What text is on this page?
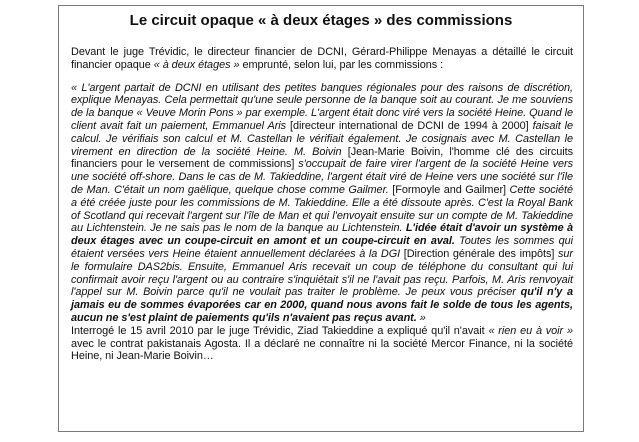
Le circuit opaque « à deux étages » des commissions

Devant le juge Trévidic, le directeur financier de DCNI, Gérard-Philippe Menayas a détaillé le circuit financier opaque « à deux étages » emprunté, selon lui, par les commissions :

« L'argent partait de DCNI en utilisant des petites banques régionales pour des raisons de discrétion, explique Menayas. Cela permettait qu'une seule personne de la banque soit au courant. Je me souviens de la banque « Veuve Morin Pons » par exemple. L'argent était donc viré vers la société Heine. Quand le client avait fait un paiement, Emmanuel Aris [directeur international de DCNI de 1994 à 2000] faisait le calcul. Je vérifiais son calcul et M. Castellan le vérifiait également. Je cosignais avec M. Castellan le virement en direction de la société Heine. M. Boivin [Jean-Marie Boivin, l'homme clé des circuits financiers pour le versement de commissions] s'occupait de faire virer l'argent de la société Heine vers une société off-shore. Dans le cas de M. Takieddine, l'argent était viré de Heine vers une société sur l'île de Man. C'était un nom gaëlique, quelque chose comme Gailmer. [Formoyle and Gailmer] Cette société a été créée juste pour les commissions de M. Takieddine. Elle a été dissoute après. C'est la Royal Bank of Scotland qui recevait l'argent sur l'île de Man et qui l'envoyait ensuite sur un compte de M. Takieddine au Lichtenstein. Je ne sais pas le nom de la banque au Lichtenstein. L'idée était d'avoir un système à deux étages avec un coupe-circuit en amont et un coupe-circuit en aval. Toutes les sommes qui étaient versées vers Heine étaient annuellement déclarées à la DGI [Direction générale des impôts] sur le formulaire DAS2bis. Ensuite, Emmanuel Aris recevait un coup de téléphone du consultant qui lui confirmait avoir reçu l'argent ou au contraire s'inquiétait s'il ne l'avait pas reçu. Parfois, M. Aris renvoyait l'appel sur M. Boivin parce qu'il ne voulait pas traiter le problème. Je peux vous préciser qu'il n'y a jamais eu de sommes évaporées car en 2000, quand nous avons fait le solde de tous les agents, aucun ne s'est plaint de paiements qu'ils n'avaient pas reçus avant. »

Interrogé le 15 avril 2010 par le juge Trévidic, Ziad Takieddine a expliqué qu'il n'avait « rien eu à voir » avec le contrat pakistanais Agosta. Il a déclaré ne connaître ni la société Mercor Finance, ni la société Heine, ni Jean-Marie Boivin…
